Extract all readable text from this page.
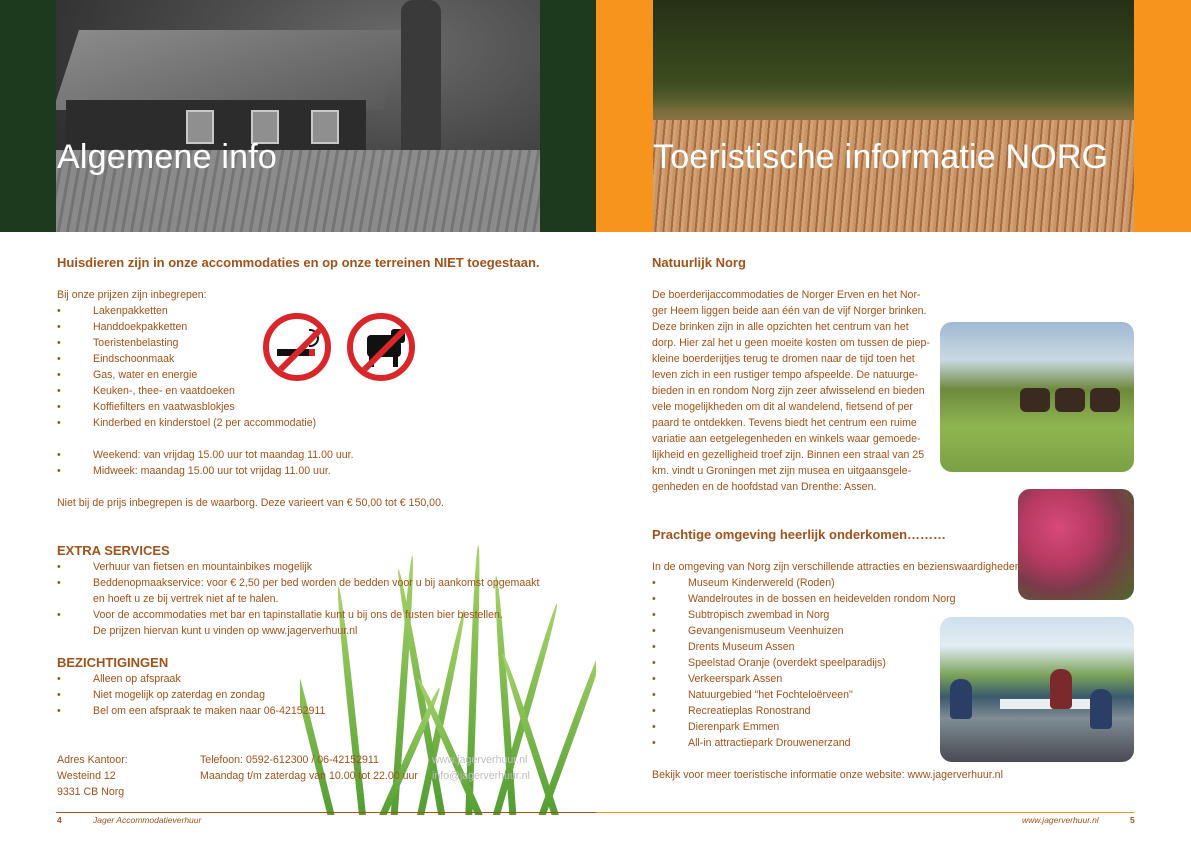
Algemene info
Huisdieren zijn in onze accommodaties en op onze terreinen NIET toegestaan.
Bij onze prijzen zijn inbegrepen:
• Lakenpakketten
• Handdoekpakketten
• Toeristenbelasting
• Eindschoonmaak
• Gas, water en energie
• Keuken-, thee- en vaatdoeken
• Koffiefilters en vaatwasblokjes
• Kinderbed en kinderstoel (2 per accommodatie)
• Weekend: van vrijdag 15.00 uur tot maandag 11.00 uur.
• Midweek: maandag 15.00 uur tot vrijdag 11.00 uur.
Niet bij de prijs inbegrepen is de waarborg. Deze varieert van € 50,00 tot € 150,00.
EXTRA SERVICES
• Verhuur van fietsen en mountainbikes mogelijk
• Beddenopmaakservice: voor € 2,50 per bed worden de bedden voor u bij aankomst opgemaakt
en hoeft u ze bij vertrek niet af te halen.
• Voor de accommodaties met bar en tapinstallatie kunt u bij ons de fusten bier bestellen.
De prijzen hiervan kunt u vinden op www.jagerverhuur.nl
BEZICHTIGINGEN
• Alleen op afspraak
• Niet mogelijk op zaterdag en zondag
• Bel om een afspraak te maken naar 06-42152911
Adres Kantoor:
Westeind 12
9331 CB Norg
Telefoon: 0592-612300 / 06-42152911
Maandag t/m zaterdag van 10.00 tot 22.00 uur
www.jagerverhuur.nl
info@jagerverhuur.nl
4	Jager Accommodatieverhuur
Toeristische informatie NORG
Natuurlijk Norg
De boerderijaccommodaties de Norger Erven en het Nor-
ger Heem liggen beide aan één van de vijf Norger brinken.
Deze brinken zijn in alle opzichten het centrum van het
dorp. Hier zal het u geen moeite kosten om tussen de piep-
kleine boerderijtjes terug te dromen naar de tijd toen het
leven zich in een rustiger tempo afspeelde. De natuurge-
bieden in en rondom Norg zijn zeer afwisselend en bieden
vele mogelijkheden om dit al wandelend, fietsend of per
paard te ontdekken. Tevens biedt het centrum een ruime
variatie aan eetgelegenheden en winkels waar gemoede-
lijkheid en gezelligheid troef zijn. Binnen een straal van 25
km. vindt u Groningen met zijn musea en uitgaansgele-
genheden en de hoofdstad van Drenthe: Assen.
Prachtige omgeving heerlijk onderkomen………
In de omgeving van Norg zijn verschillende attracties en bezienswaardigheden:
• Museum Kinderwereld (Roden)
• Wandelroutes in de bossen en heidevelden rondom Norg
• Subtropisch zwembad in Norg
• Gevangenismuseum Veenhuizen
• Drents Museum Assen
• Speelstad Oranje (overdekt speelparadijs)
• Verkeerspark Assen
• Natuurgebied "het Fochteloërveen"
• Recreatieplas Ronostrand
• Dierenpark Emmen
• All-in attractiepark Drouwenerzand
Bekijk voor meer toeristische informatie onze website: www.jagerverhuur.nl
www.jagerverhuur.nl	5
